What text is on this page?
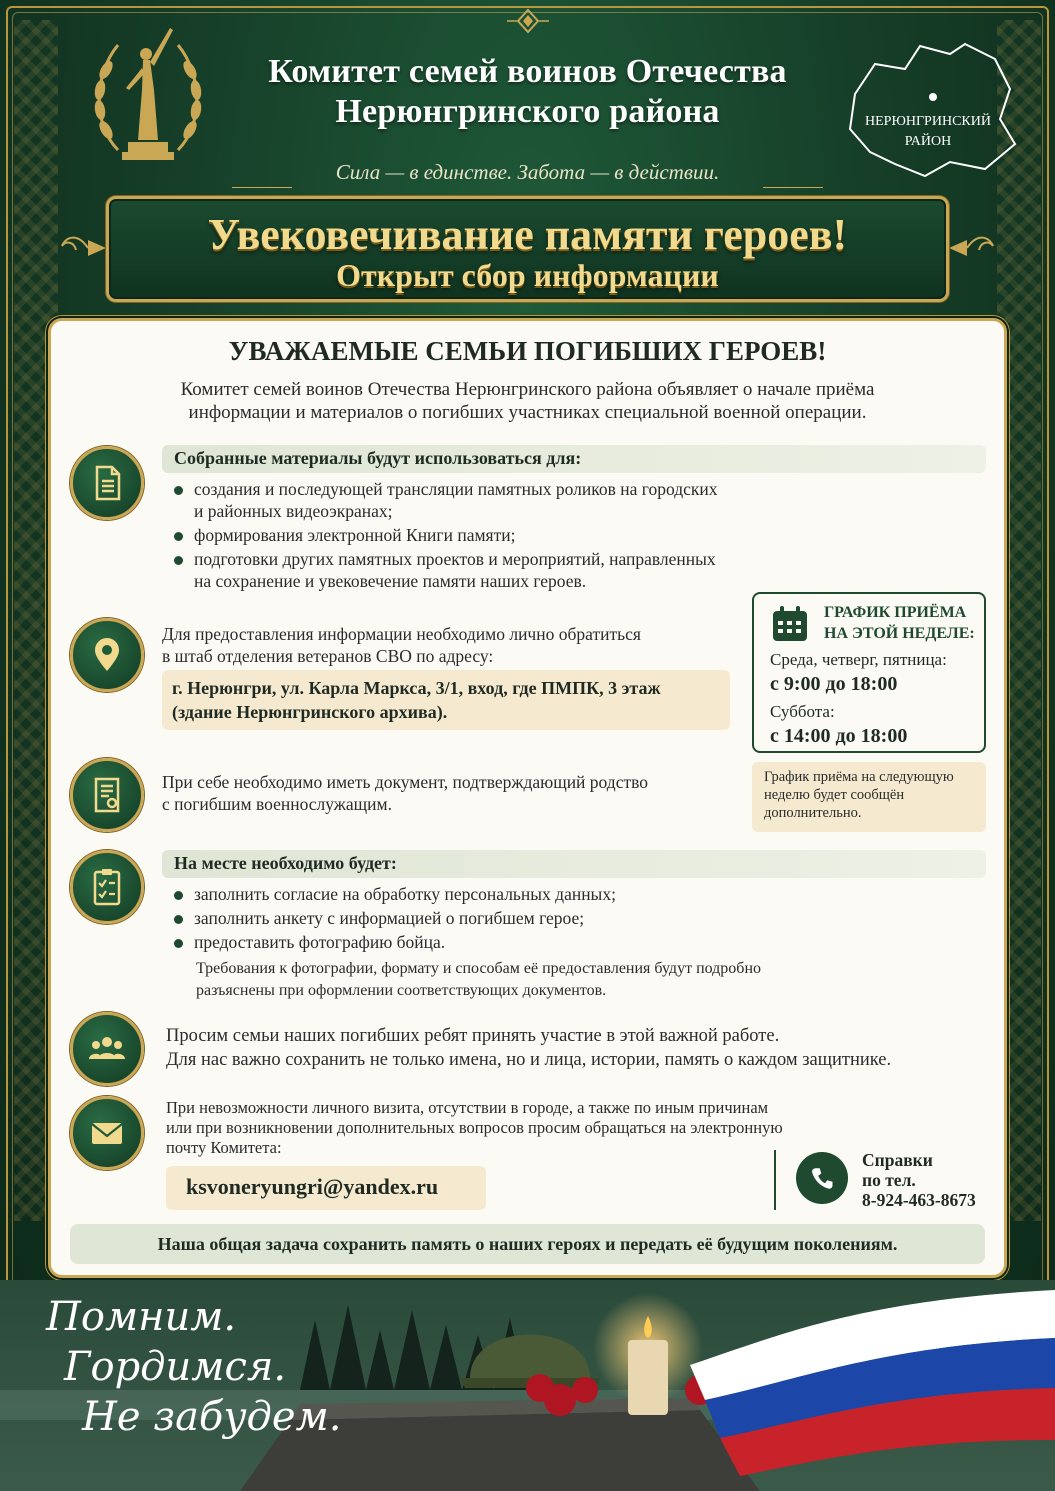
Комитет семей воинов Отечества
Нерюнгринского района
Сила — в единстве. Забота — в действии.
НЕРЮНГРИНСКИЙ
РАЙОН
Увековечивание памяти героев!
Открыт сбор информации
УВАЖАЕМЫЕ СЕМЬИ ПОГИБШИХ ГЕРОЕВ!
Комитет семей воинов Отечества Нерюнгринского района объявляет о начале приёма
информации и материалов о погибших участниках специальной военной операции.
Собранные материалы будут использоваться для:
создания и последующей трансляции памятных роликов на городских
и районных видеоэкранах;
формирования электронной Книги памяти;
подготовки других памятных проектов и мероприятий, направленных
на сохранение и увековечение памяти наших героев.
Для предоставления информации необходимо лично обратиться
в штаб отделения ветеранов СВО по адресу:
г. Нерюнгри, ул. Карла Маркса, 3/1, вход, где ПМПК, 3 этаж
(здание Нерюнгринского архива).
ГРАФИК ПРИЁМА
НА ЭТОЙ НЕДЕЛЕ:
Среда, четверг, пятница:
с 9:00 до 18:00
Суббота:
с 14:00 до 18:00
График приёма на следующую
неделю будет сообщён
дополнительно.
При себе необходимо иметь документ, подтверждающий родство
с погибшим военнослужащим.
На месте необходимо будет:
заполнить согласие на обработку персональных данных;
заполнить анкету с информацией о погибшем герое;
предоставить фотографию бойца.
Требования к фотографии, формату и способам её предоставления будут подробно
разъяснены при оформлении соответствующих документов.
Просим семьи наших погибших ребят принять участие в этой важной работе.
Для нас важно сохранить не только имена, но и лица, истории, память о каждом защитнике.
При невозможности личного визита, отсутствии в городе, а также по иным причинам
или при возникновении дополнительных вопросов просим обращаться на электронную
почту Комитета:
ksvoneryungri@yandex.ru
Справки
по тел.
8-924-463-8673
Наша общая задача сохранить память о наших героях и передать её будущим поколениям.
Помним.
Гордимся.
Не забудем.
